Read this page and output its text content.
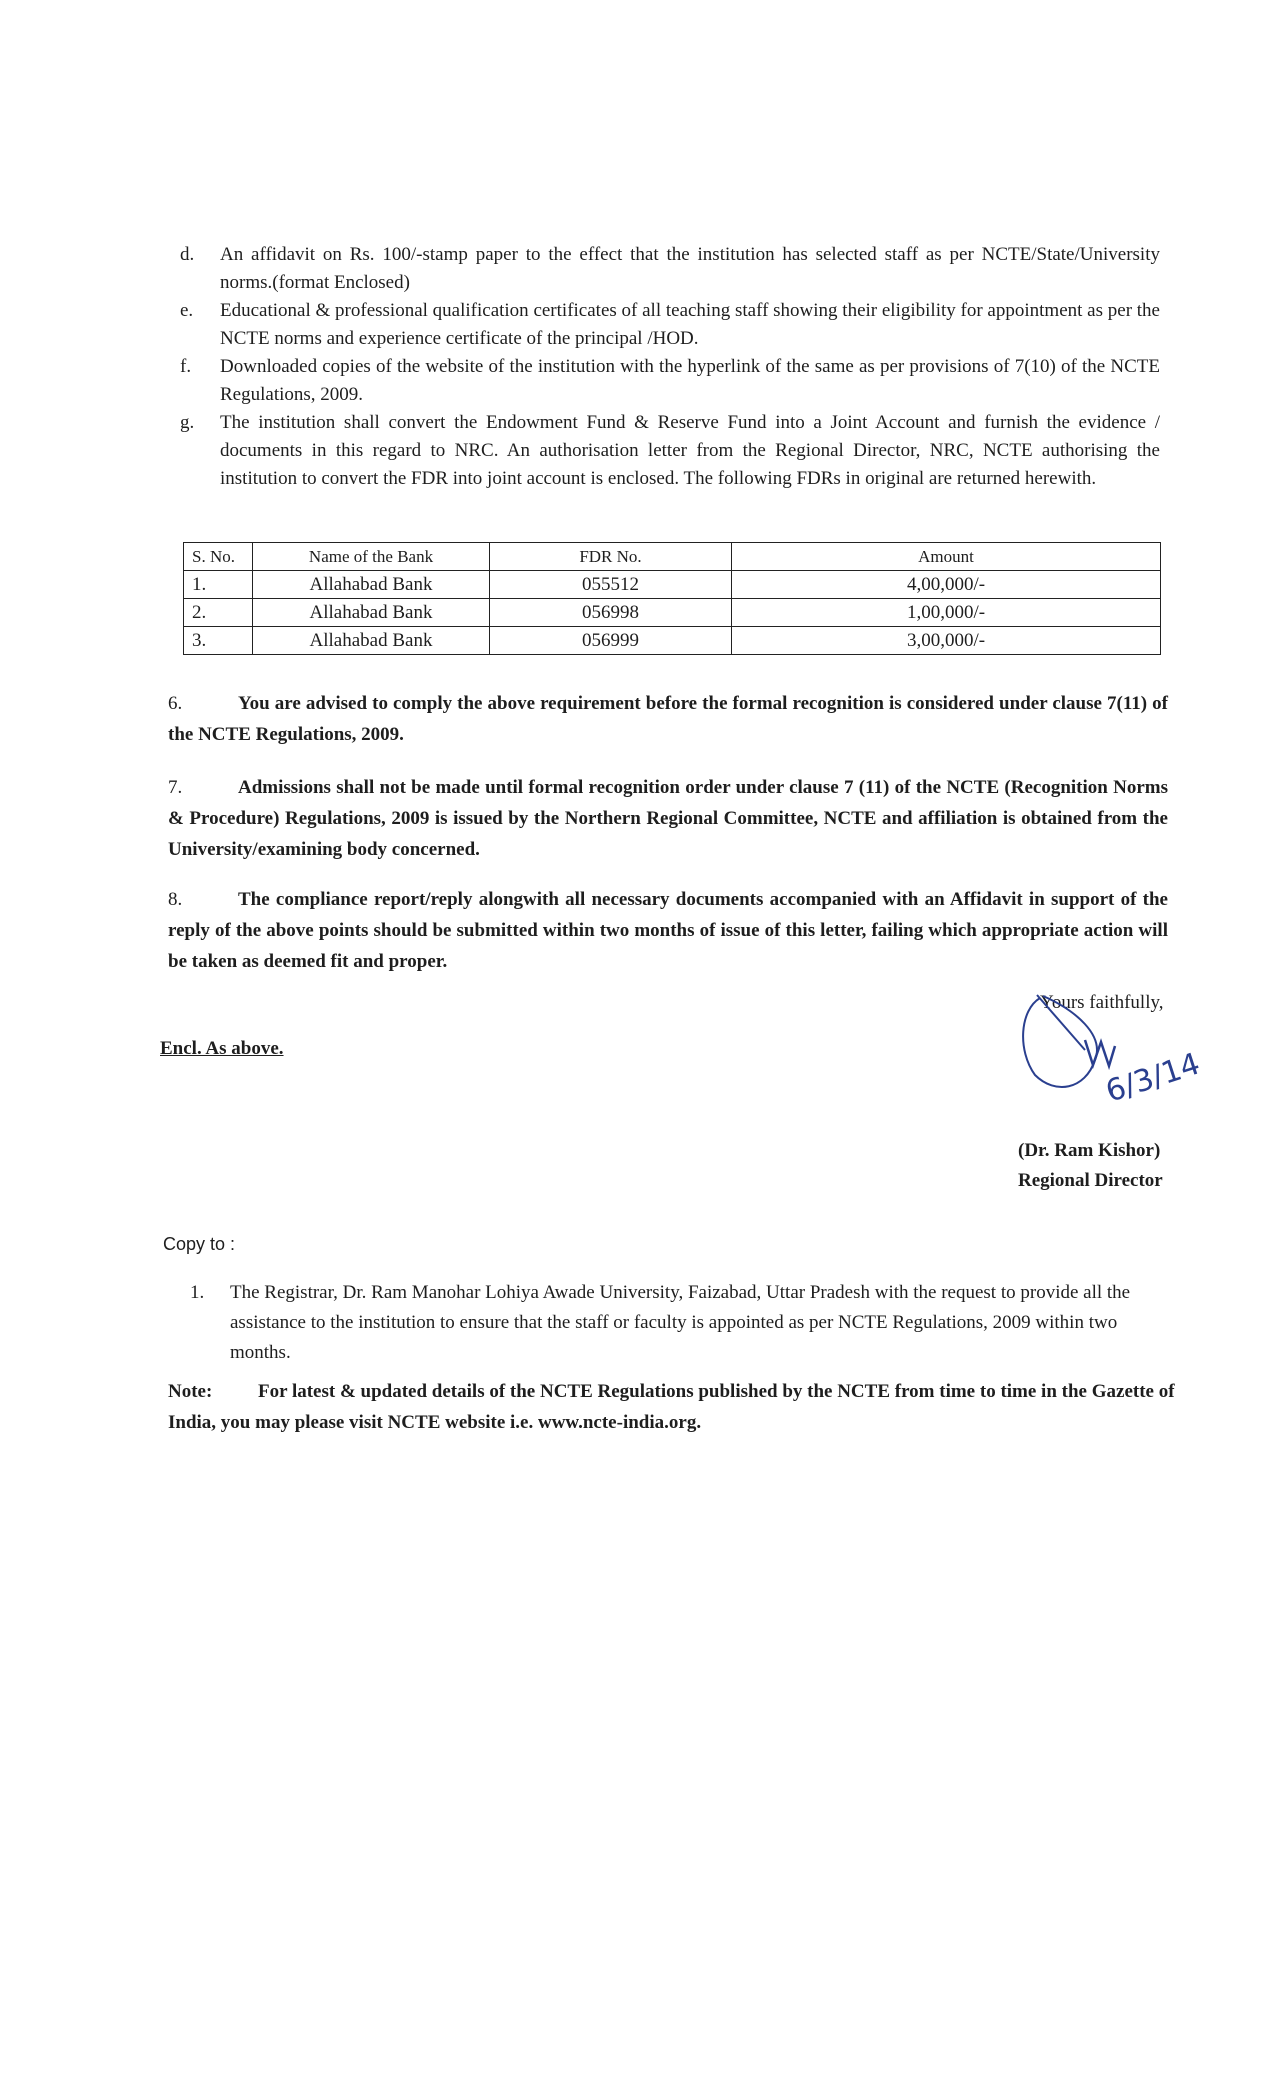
d.	An affidavit on Rs. 100/-stamp paper to the effect that the institution has selected staff as per NCTE/State/University norms.(format Enclosed)
e.	Educational & professional qualification certificates of all teaching staff showing their eligibility for appointment as per the NCTE norms and experience certificate of the principal /HOD.
f.	Downloaded copies of the website of the institution with the hyperlink of the same as per provisions of 7(10) of the NCTE Regulations, 2009.
g.	The institution shall convert the Endowment Fund & Reserve Fund into a Joint Account and furnish the evidence / documents in this regard to NRC. An authorisation letter from the Regional Director, NRC, NCTE authorising the institution to convert the FDR into joint account is enclosed. The following FDRs in original are returned herewith.
S. No.	Name of the Bank	FDR No.	Amount
1.	Allahabad Bank	055512	4,00,000/-
2.	Allahabad Bank	056998	1,00,000/-
3.	Allahabad Bank	056999	3,00,000/-
6.	You are advised to comply the above requirement before the formal recognition is considered under clause 7(11) of the NCTE Regulations, 2009.
7.	Admissions shall not be made until formal recognition order under clause 7 (11) of the NCTE (Recognition Norms & Procedure) Regulations, 2009 is issued by the Northern Regional Committee, NCTE and affiliation is obtained from the University/examining body concerned.
8.	The compliance report/reply alongwith all necessary documents accompanied with an Affidavit in support of the reply of the above points should be submitted within two months of issue of this letter, failing which appropriate action will be taken as deemed fit and proper.
Yours faithfully,
Encl. As above.	6/3/14
(Dr. Ram Kishor)
Regional Director
Copy to :
1. The Registrar, Dr. Ram Manohar Lohiya Awade University, Faizabad, Uttar Pradesh with the request to provide all the assistance to the institution to ensure that the staff or faculty is appointed as per NCTE Regulations, 2009 within two months.
Note: For latest & updated details of the NCTE Regulations published by the NCTE from time to time in the Gazette of India, you may please visit NCTE website i.e. www.ncte-india.org.
